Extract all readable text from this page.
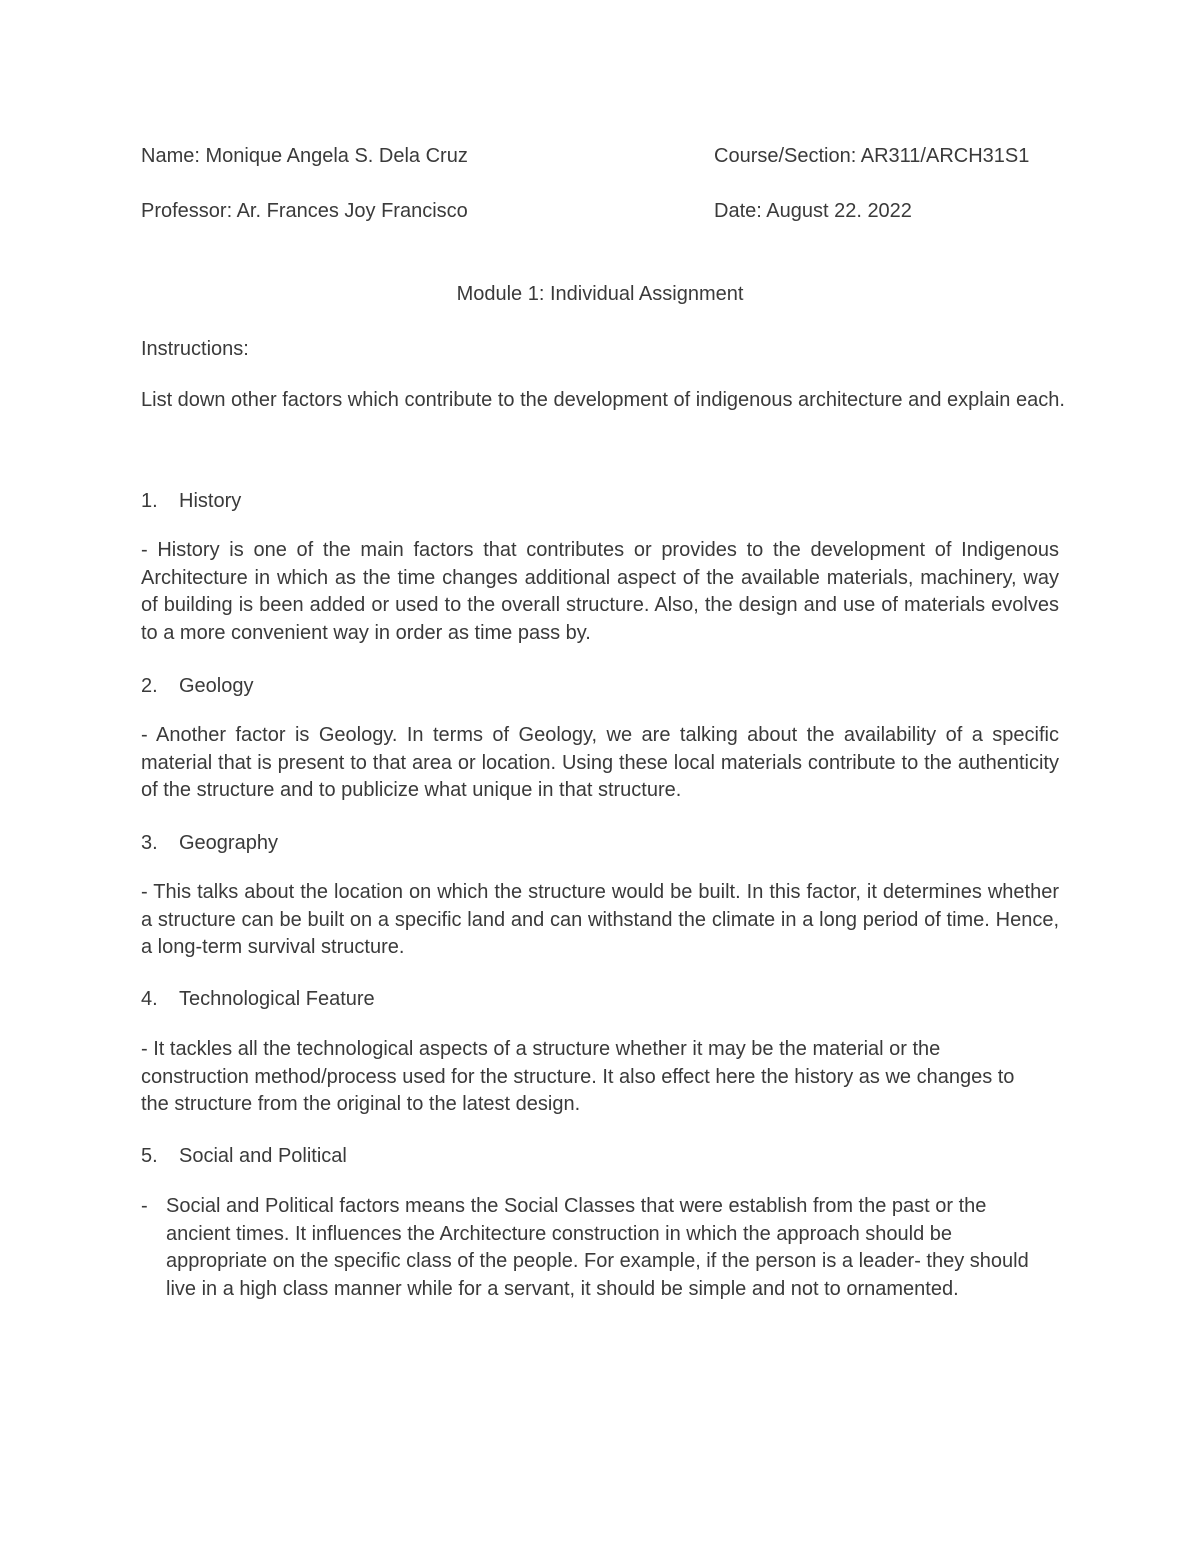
Name: Monique Angela S. Dela Cruz	Course/Section: AR311/ARCH31S1
Professor: Ar. Frances Joy Francisco	Date: August 22. 2022
Module 1: Individual Assignment
Instructions:
List down other factors which contribute to the development of indigenous architecture and explain each.
1. History
- History is one of the main factors that contributes or provides to the development of Indigenous Architecture in which as the time changes additional aspect of the available materials, machinery, way of building is been added or used to the overall structure. Also, the design and use of materials evolves to a more convenient way in order as time pass by.
2. Geology
- Another factor is Geology. In terms of Geology, we are talking about the availability of a specific material that is present to that area or location. Using these local materials contribute to the authenticity of the structure and to publicize what unique in that structure.
3. Geography
- This talks about the location on which the structure would be built. In this factor, it determines whether a structure can be built on a specific land and can withstand the climate in a long period of time. Hence, a long-term survival structure.
4. Technological Feature
- It tackles all the technological aspects of a structure whether it may be the material or the construction method/process used for the structure. It also effect here the history as we changes to the structure from the original to the latest design.
5. Social and Political
- Social and Political factors means the Social Classes that were establish from the past or the ancient times. It influences the Architecture construction in which the approach should be appropriate on the specific class of the people. For example, if the person is a leader- they should live in a high class manner while for a servant, it should be simple and not to ornamented.
